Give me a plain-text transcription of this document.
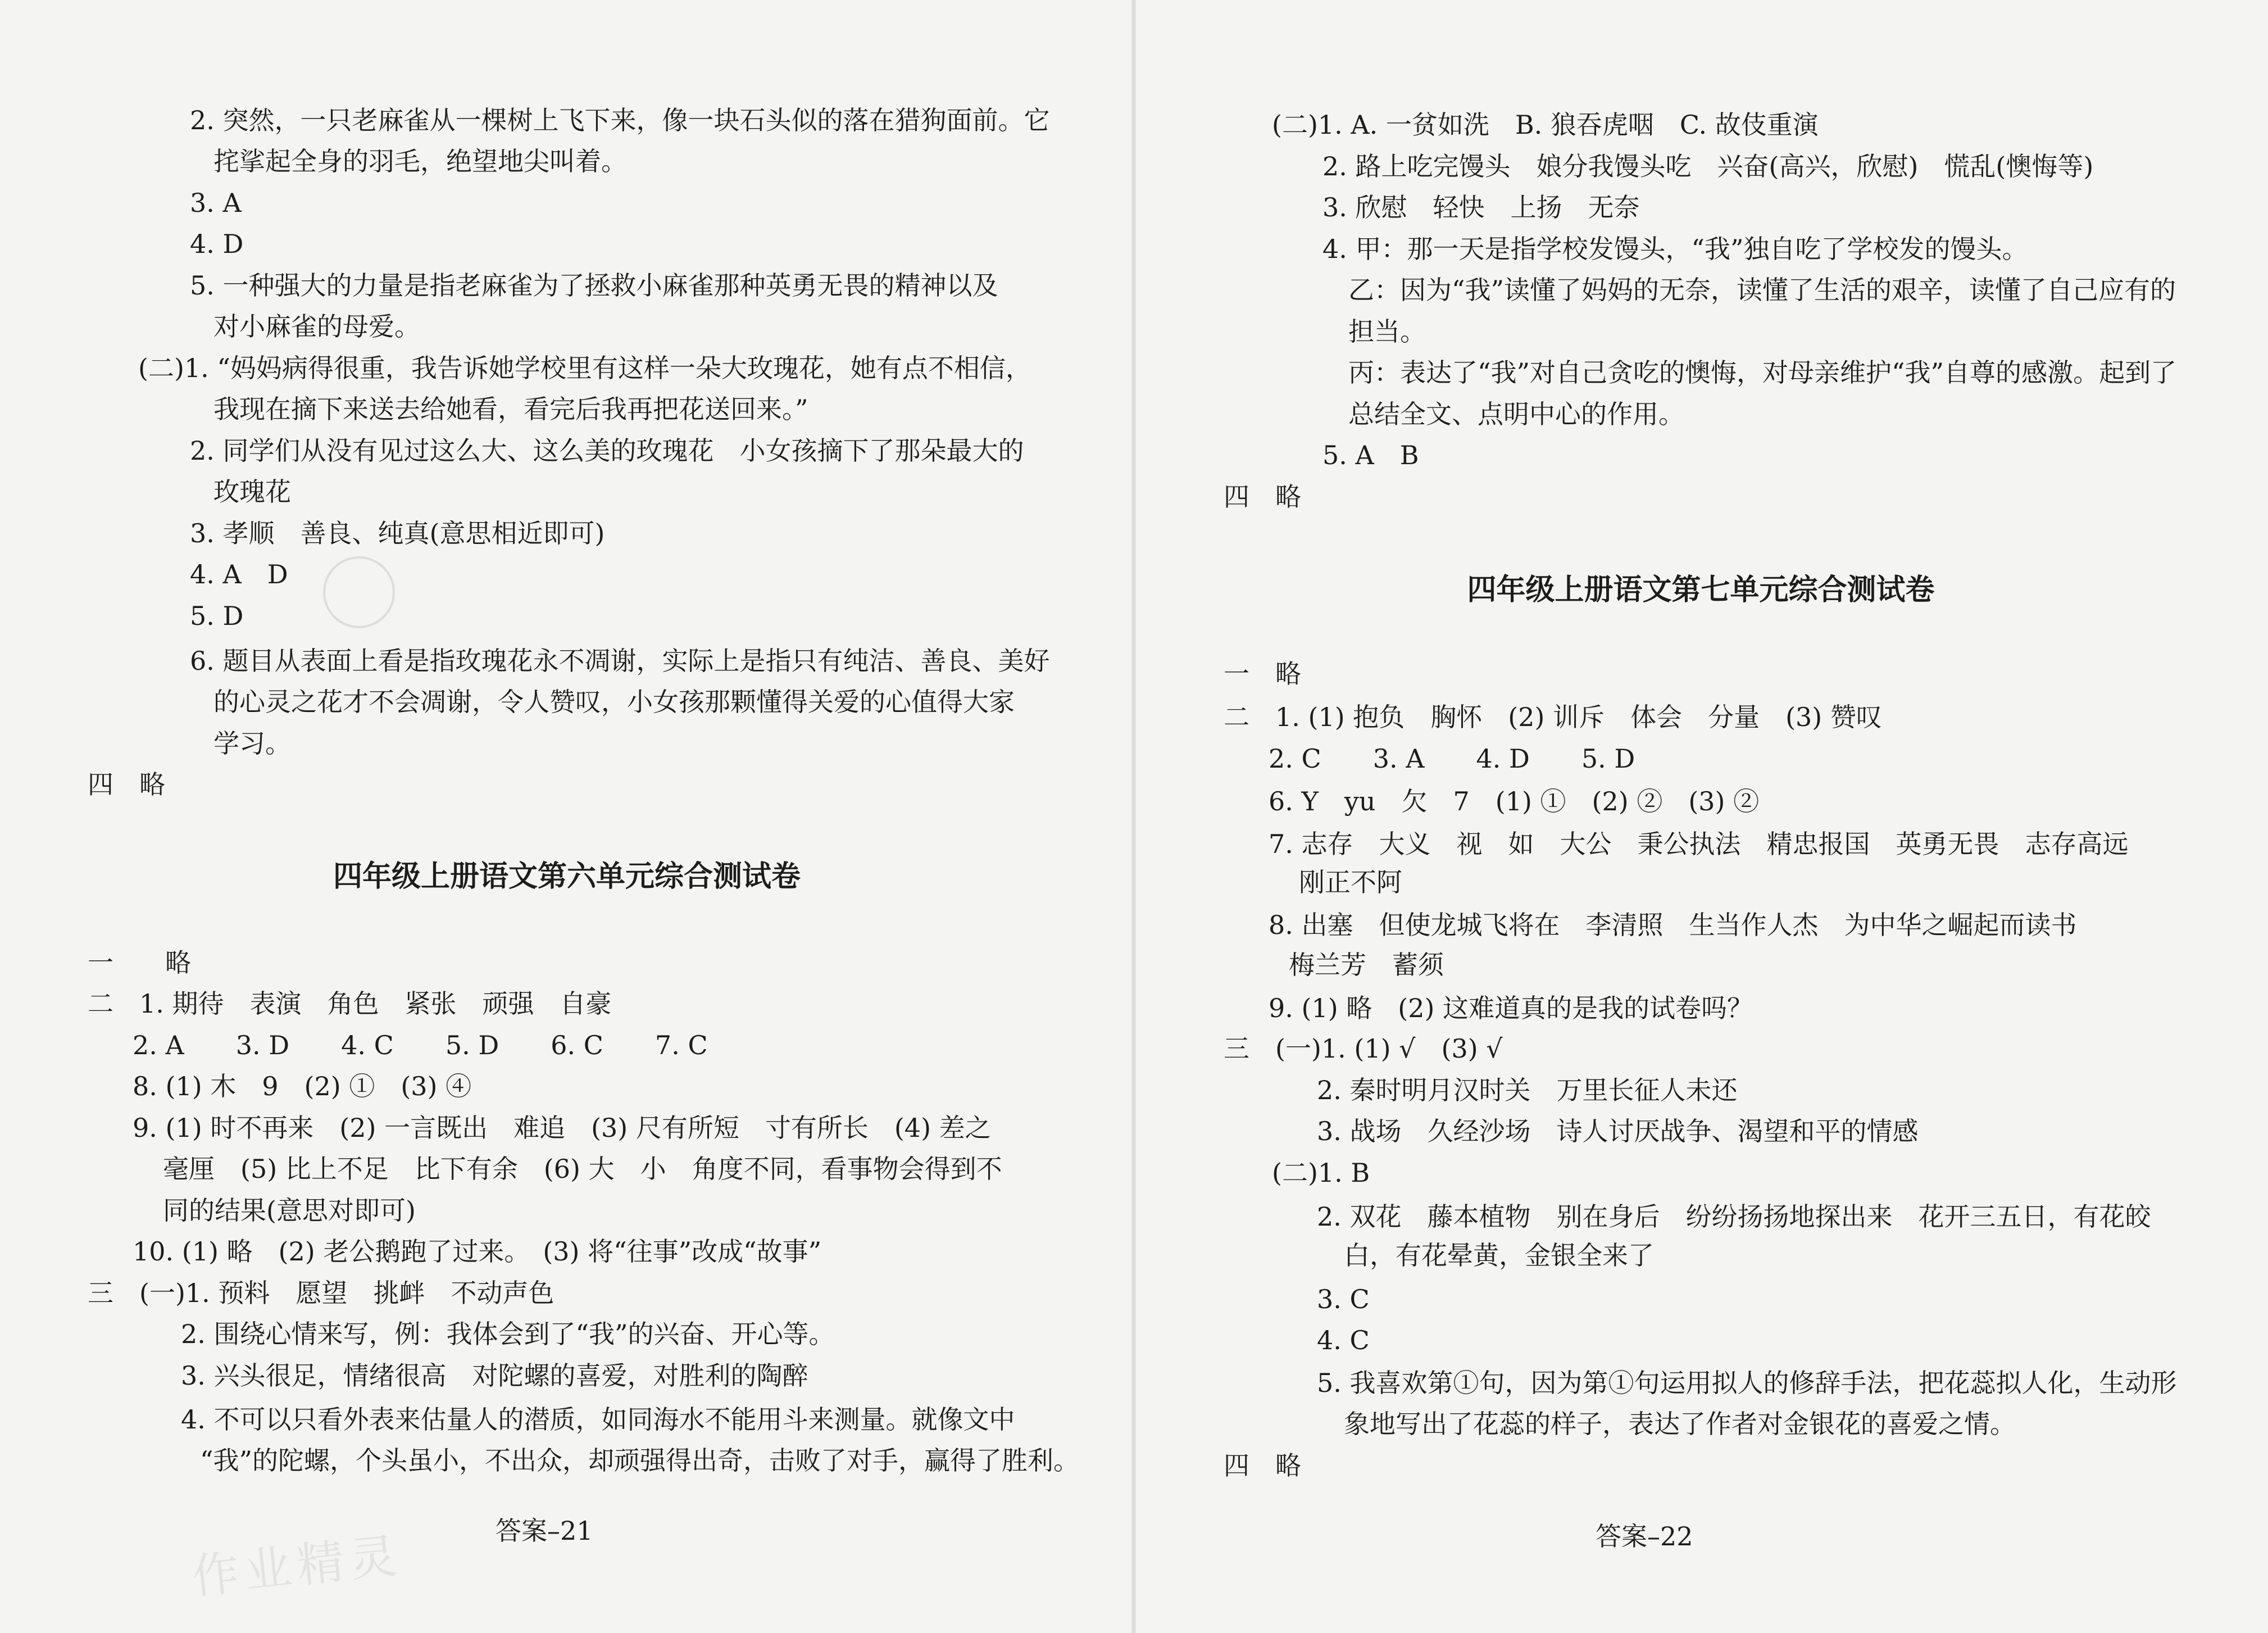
2. 突然，一只老麻雀从一棵树上飞下来，像一块石头似的落在猎狗面前。它
挓挲起全身的羽毛，绝望地尖叫着。
3. A
4. D
5. 一种强大的力量是指老麻雀为了拯救小麻雀那种英勇无畏的精神以及
对小麻雀的母爱。
(二)1. “妈妈病得很重，我告诉她学校里有这样一朵大玫瑰花，她有点不相信，
我现在摘下来送去给她看，看完后我再把花送回来。”
2. 同学们从没有见过这么大、这么美的玫瑰花　小女孩摘下了那朵最大的
玫瑰花
3. 孝顺　善良、纯真(意思相近即可)
4. A　D
5. D
6. 题目从表面上看是指玫瑰花永不凋谢，实际上是指只有纯洁、善良、美好
的心灵之花才不会凋谢，令人赞叹，小女孩那颗懂得关爱的心值得大家
学习。
四　略
四年级上册语文第六单元综合测试卷
一　　略
二　1. 期待　表演　角色　紧张　顽强　自豪
2. A　　3. D　　4. C　　5. D　　6. C　　7. C
8. (1) 木　9　(2) ①　(3) ④
9. (1) 时不再来　(2) 一言既出　难追　(3) 尺有所短　寸有所长　(4) 差之
毫厘　(5) 比上不足　比下有余　(6) 大　小　角度不同，看事物会得到不
同的结果(意思对即可)
10. (1) 略　(2) 老公鹅跑了过来。　(3) 将“往事”改成“故事”
三　(一)1. 预料　愿望　挑衅　不动声色
2. 围绕心情来写，例：我体会到了“我”的兴奋、开心等。
3. 兴头很足，情绪很高　对陀螺的喜爱，对胜利的陶醉
4. 不可以只看外表来估量人的潜质，如同海水不能用斗来测量。就像文中
“我”的陀螺，个头虽小，不出众，却顽强得出奇，击败了对手，赢得了胜利。
答案–21
作业精灵
(二)1. A. 一贫如洗　B. 狼吞虎咽　C. 故伎重演
2. 路上吃完馒头　娘分我馒头吃　兴奋(高兴，欣慰)　慌乱(懊悔等)
3. 欣慰　轻快　上扬　无奈
4. 甲：那一天是指学校发馒头，“我”独自吃了学校发的馒头。
乙：因为“我”读懂了妈妈的无奈，读懂了生活的艰辛，读懂了自己应有的
担当。
丙：表达了“我”对自己贪吃的懊悔，对母亲维护“我”自尊的感激。起到了
总结全文、点明中心的作用。
5. A　B
四　略
四年级上册语文第七单元综合测试卷
一　略
二　1. (1) 抱负　胸怀　(2) 训斥　体会　分量　(3) 赞叹
2. C　　3. A　　4. D　　5. D
6. Y　yu　欠　7　(1) ①　(2) ②　(3) ②
7. 志存　大义　视　如　大公　秉公执法　精忠报国　英勇无畏　志存高远
刚正不阿
8. 出塞　但使龙城飞将在　李清照　生当作人杰　为中华之崛起而读书
梅兰芳　蓄须
9. (1) 略　(2) 这难道真的是我的试卷吗？
三　(一)1. (1) √　(3) √
2. 秦时明月汉时关　万里长征人未还
3. 战场　久经沙场　诗人讨厌战争、渴望和平的情感
(二)1. B
2. 双花　藤本植物　别在身后　纷纷扬扬地探出来　花开三五日，有花皎
白，有花晕黄，金银全来了
3. C
4. C
5. 我喜欢第①句，因为第①句运用拟人的修辞手法，把花蕊拟人化，生动形
象地写出了花蕊的样子，表达了作者对金银花的喜爱之情。
四　略
答案–22
